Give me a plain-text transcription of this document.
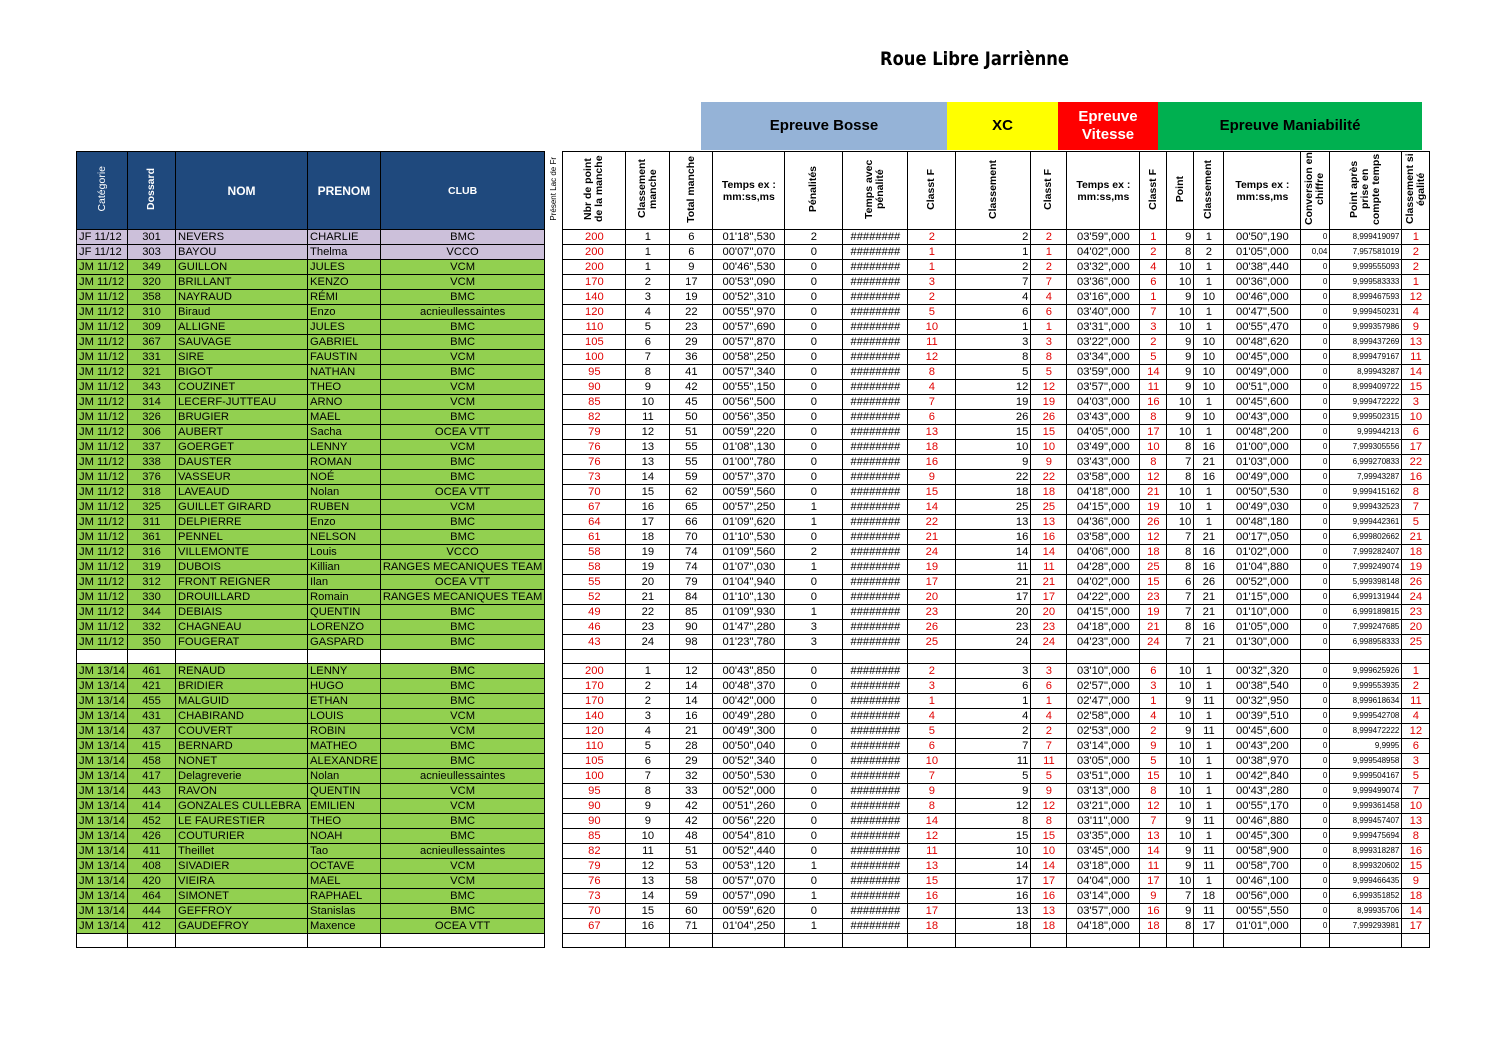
Roue Libre Jarriènne
Epreuve Bosse	XC
Epreuve Vitesse
Epreuve Maniabilité
Catégorie	Dossard	NOM	PRENOM	CLUB	Présent Lac de Fr	Nbr de point de la manche	Classement manche	Total manche	Temps ex : mm:ss,ms	Pénalités	Temps avec pénalité	Classt F	Classement	Classt F	Temps ex : mm:ss,ms	Classt F	Point	Classement	Temps ex : mm:ss,ms	Conversion en chiffre	Point après prise en compte temps	Classement si égalité
JF 11/12	301	NEVERS	CHARLIE	BMC		200	1	6	01'18",530	2	########	2	2	2	03'59",000	1	9	1	00'50",190	0	8,999419097	1
JF 11/12	303	BAYOU	Thelma	VCCO		200	1	6	00'07",070	0	########	1	1	1	04'02",000	2	8	2	01'05",000	0,04	7,957581019	2
JM 11/12	349	GUILLON	JULES	VCM		200	1	9	00'46",530	0	########	1	2	2	03'32",000	4	10	1	00'38",440	0	9,999555093	2
JM 11/12	320	BRILLANT	KENZO	VCM		170	2	17	00'53",090	0	########	3	7	7	03'36",000	6	10	1	00'36",000	0	9,999583333	1
JM 11/12	358	NAYRAUD	RÉMI	BMC		140	3	19	00'52",310	0	########	2	4	4	03'16",000	1	9	10	00'46",000	0	8,999467593	12
JM 11/12	310	Biraud	Enzo	acnieullessaintes		120	4	22	00'55",970	0	########	5	6	6	03'40",000	7	10	1	00'47",500	0	9,999450231	4
JM 11/12	309	ALLIGNE	JULES	BMC		110	5	23	00'57",690	0	########	10	1	1	03'31",000	3	10	1	00'55",470	0	9,999357986	9
JM 11/12	367	SAUVAGE	GABRIEL	BMC		105	6	29	00'57",870	0	########	11	3	3	03'22",000	2	9	10	00'48",620	0	8,999437269	13
JM 11/12	331	SIRE	FAUSTIN	VCM		100	7	36	00'58",250	0	########	12	8	8	03'34",000	5	9	10	00'45",000	0	8,999479167	11
JM 11/12	321	BIGOT	NATHAN	BMC		95	8	41	00'57",340	0	########	8	5	5	03'59",000	14	9	10	00'49",000	0	8,99943287	14
JM 11/12	343	COUZINET	THEO	VCM		90	9	42	00'55",150	0	########	4	12	12	03'57",000	11	9	10	00'51",000	0	8,999409722	15
JM 11/12	314	LECERF-JUTTEAU	ARNO	VCM		85	10	45	00'56",500	0	########	7	19	19	04'03",000	16	10	1	00'45",600	0	9,999472222	3
JM 11/12	326	BRUGIER	MAEL	BMC		82	11	50	00'56",350	0	########	6	26	26	03'43",000	8	9	10	00'43",000	0	9,999502315	10
JM 11/12	306	AUBERT	Sacha	OCEA VTT		79	12	51	00'59",220	0	########	13	15	15	04'05",000	17	10	1	00'48",200	0	9,99944213	6
JM 11/12	337	GOERGET	LENNY	VCM		76	13	55	01'08",130	0	########	18	10	10	03'49",000	10	8	16	01'00",000	0	7,999305556	17
JM 11/12	338	DAUSTER	ROMAN	BMC		76	13	55	01'00",780	0	########	16	9	9	03'43",000	8	7	21	01'03",000	0	6,999270833	22
JM 11/12	376	VASSEUR	NOÉ	BMC		73	14	59	00'57",370	0	########	9	22	22	03'58",000	12	8	16	00'49",000	0	7,99943287	16
JM 11/12	318	LAVEAUD	Nolan	OCEA VTT		70	15	62	00'59",560	0	########	15	18	18	04'18",000	21	10	1	00'50",530	0	9,999415162	8
JM 11/12	325	GUILLET GIRARD	RUBEN	VCM		67	16	65	00'57",250	1	########	14	25	25	04'15",000	19	10	1	00'49",030	0	9,999432523	7
JM 11/12	311	DELPIERRE	Enzo	BMC		64	17	66	01'09",620	1	########	22	13	13	04'36",000	26	10	1	00'48",180	0	9,999442361	5
JM 11/12	361	PENNEL	NELSON	BMC		61	18	70	01'10",530	0	########	21	16	16	03'58",000	12	7	21	00'17",050	0	6,999802662	21
JM 11/12	316	VILLEMONTE	Louis	VCCO		58	19	74	01'09",560	2	########	24	14	14	04'06",000	18	8	16	01'02",000	0	7,999282407	18
JM 11/12	319	DUBOIS	Killian	RANGES MECANIQUES TEAM		58	19	74	01'07",030	1	########	19	11	11	04'28",000	25	8	16	01'04",880	0	7,999249074	19
JM 11/12	312	FRONT REIGNER	Ilan	OCEA VTT		55	20	79	01'04",940	0	########	17	21	21	04'02",000	15	6	26	00'52",000	0	5,999398148	26
JM 11/12	330	DROUILLARD	Romain	RANGES MECANIQUES TEAM		52	21	84	01'10",130	0	########	20	17	17	04'22",000	23	7	21	01'15",000	0	6,999131944	24
JM 11/12	344	DEBIAIS	QUENTIN	BMC		49	22	85	01'09",930	1	########	23	20	20	04'15",000	19	7	21	01'10",000	0	6,999189815	23
JM 11/12	332	CHAGNEAU	LORENZO	BMC		46	23	90	01'47",280	3	########	26	23	23	04'18",000	21	8	16	01'05",000	0	7,999247685	20
JM 11/12	350	FOUGERAT	GASPARD	BMC		43	24	98	01'23",780	3	########	25	24	24	04'23",000	24	7	21	01'30",000	0	6,998958333	25

JM 13/14	461	RENAUD	LENNY	BMC		200	1	12	00'43",850	0	########	2	3	3	03'10",000	6	10	1	00'32",320	0	9,999625926	1
JM 13/14	421	BRIDIER	HUGO	BMC		170	2	14	00'48",370	0	########	3	6	6	02'57",000	3	10	1	00'38",540	0	9,999553935	2
JM 13/14	455	MALGUID	ETHAN	BMC		170	2	14	00'42",000	0	########	1	1	1	02'47",000	1	9	11	00'32",950	0	8,999618634	11
JM 13/14	431	CHABIRAND	LOUIS	VCM		140	3	16	00'49",280	0	########	4	4	4	02'58",000	4	10	1	00'39",510	0	9,999542708	4
JM 13/14	437	COUVERT	ROBIN	VCM		120	4	21	00'49",300	0	########	5	2	2	02'53",000	2	9	11	00'45",600	0	8,999472222	12
JM 13/14	415	BERNARD	MATHEO	BMC		110	5	28	00'50",040	0	########	6	7	7	03'14",000	9	10	1	00'43",200	0	9,9995	6
JM 13/14	458	NONET	ALEXANDRE	BMC		105	6	29	00'52",340	0	########	10	11	11	03'05",000	5	10	1	00'38",970	0	9,999548958	3
JM 13/14	417	Delagreverie	Nolan	acnieullessaintes		100	7	32	00'50",530	0	########	7	5	5	03'51",000	15	10	1	00'42",840	0	9,999504167	5
JM 13/14	443	RAVON	QUENTIN	VCM		95	8	33	00'52",000	0	########	9	9	9	03'13",000	8	10	1	00'43",280	0	9,999499074	7
JM 13/14	414	GONZALES CULLEBRA	EMILIEN	VCM		90	9	42	00'51",260	0	########	8	12	12	03'21",000	12	10	1	00'55",170	0	9,999361458	10
JM 13/14	452	LE FAURESTIER	THEO	BMC		90	9	42	00'56",220	0	########	14	8	8	03'11",000	7	9	11	00'46",880	0	8,999457407	13
JM 13/14	426	COUTURIER	NOAH	BMC		85	10	48	00'54",810	0	########	12	15	15	03'35",000	13	10	1	00'45",300	0	9,999475694	8
JM 13/14	411	Theillet	Tao	acnieullessaintes		82	11	51	00'52",440	0	########	11	10	10	03'45",000	14	9	11	00'58",900	0	8,999318287	16
JM 13/14	408	SIVADIER	OCTAVE	VCM		79	12	53	00'53",120	1	########	13	14	14	03'18",000	11	9	11	00'58",700	0	8,999320602	15
JM 13/14	420	VIEIRA	MAEL	VCM		76	13	58	00'57",070	0	########	15	17	17	04'04",000	17	10	1	00'46",100	0	9,999466435	9
JM 13/14	464	SIMONET	RAPHAEL	BMC		73	14	59	00'57",090	1	########	16	16	16	03'14",000	9	7	18	00'56",000	0	6,999351852	18
JM 13/14	444	GEFFROY	Stanislas	BMC		70	15	60	00'59",620	0	########	17	13	13	03'57",000	16	9	11	00'55",550	0	8,99935706	14
JM 13/14	412	GAUDEFROY	Maxence	OCEA VTT		67	16	71	01'04",250	1	########	18	18	18	04'18",000	18	8	17	01'01",000	0	7,999293981	17
